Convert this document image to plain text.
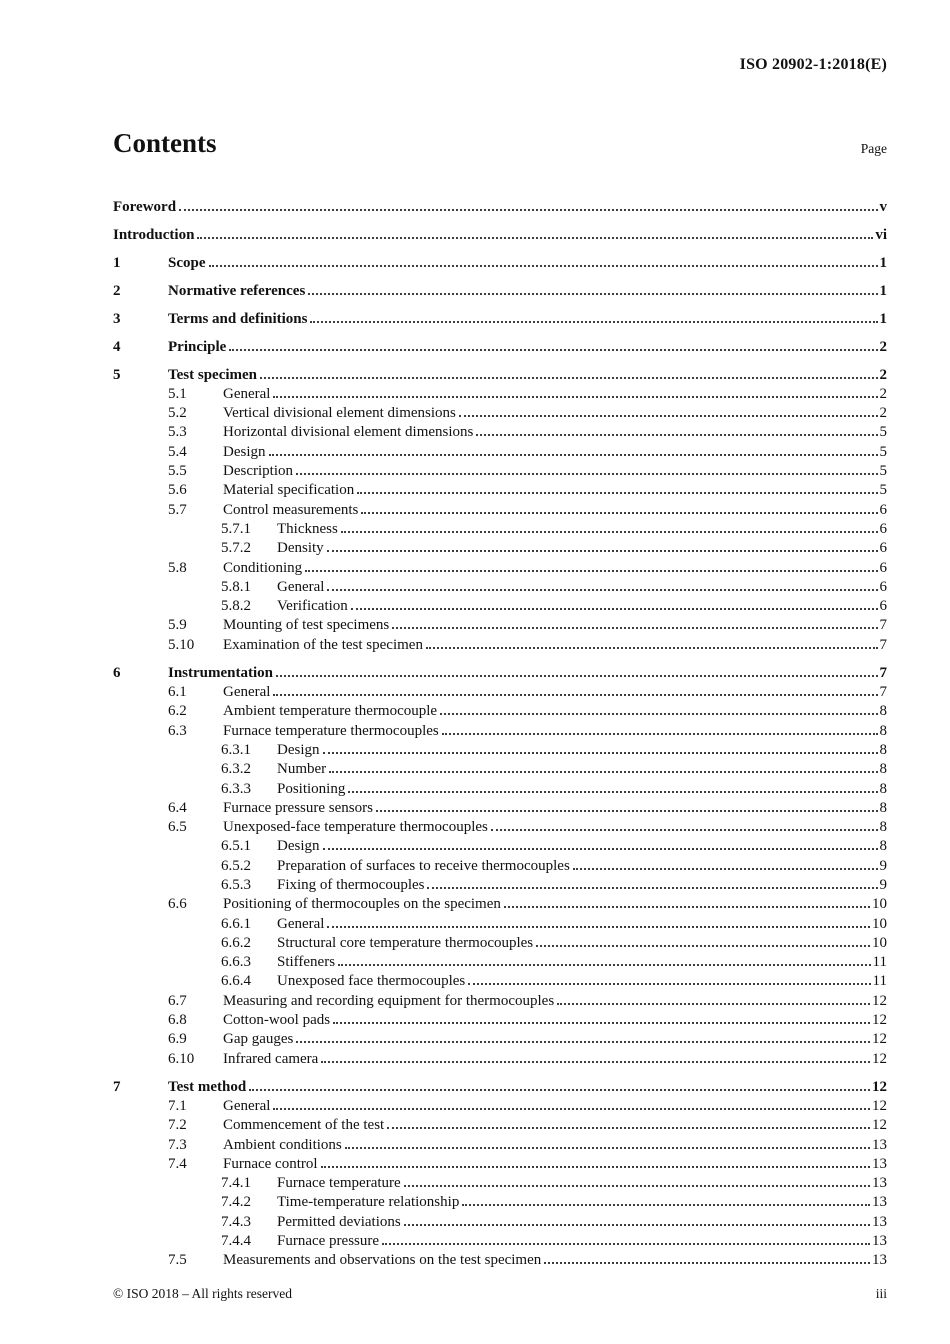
ISO 20902-1:2018(E)
Contents	Page
Foreword	v
Introduction	vi
1	Scope	1
2	Normative references	1
3	Terms and definitions	1
4	Principle	2
5	Test specimen	2
5.1	General	2
5.2	Vertical divisional element dimensions	2
5.3	Horizontal divisional element dimensions	5
5.4	Design	5
5.5	Description	5
5.6	Material specification	5
5.7	Control measurements	6
5.7.1	Thickness	6
5.7.2	Density	6
5.8	Conditioning	6
5.8.1	General	6
5.8.2	Verification	6
5.9	Mounting of test specimens	7
5.10	Examination of the test specimen	7
6	Instrumentation	7
6.1	General	7
6.2	Ambient temperature thermocouple	8
6.3	Furnace temperature thermocouples	8
6.3.1	Design	8
6.3.2	Number	8
6.3.3	Positioning	8
6.4	Furnace pressure sensors	8
6.5	Unexposed-face temperature thermocouples	8
6.5.1	Design	8
6.5.2	Preparation of surfaces to receive thermocouples	9
6.5.3	Fixing of thermocouples	9
6.6	Positioning of thermocouples on the specimen	10
6.6.1	General	10
6.6.2	Structural core temperature thermocouples	10
6.6.3	Stiffeners	11
6.6.4	Unexposed face thermocouples	11
6.7	Measuring and recording equipment for thermocouples	12
6.8	Cotton-wool pads	12
6.9	Gap gauges	12
6.10	Infrared camera	12
7	Test method	12
7.1	General	12
7.2	Commencement of the test	12
7.3	Ambient conditions	13
7.4	Furnace control	13
7.4.1	Furnace temperature	13
7.4.2	Time-temperature relationship	13
7.4.3	Permitted deviations	13
7.4.4	Furnace pressure	13
7.5	Measurements and observations on the test specimen	13
© ISO 2018 – All rights reserved	iii
